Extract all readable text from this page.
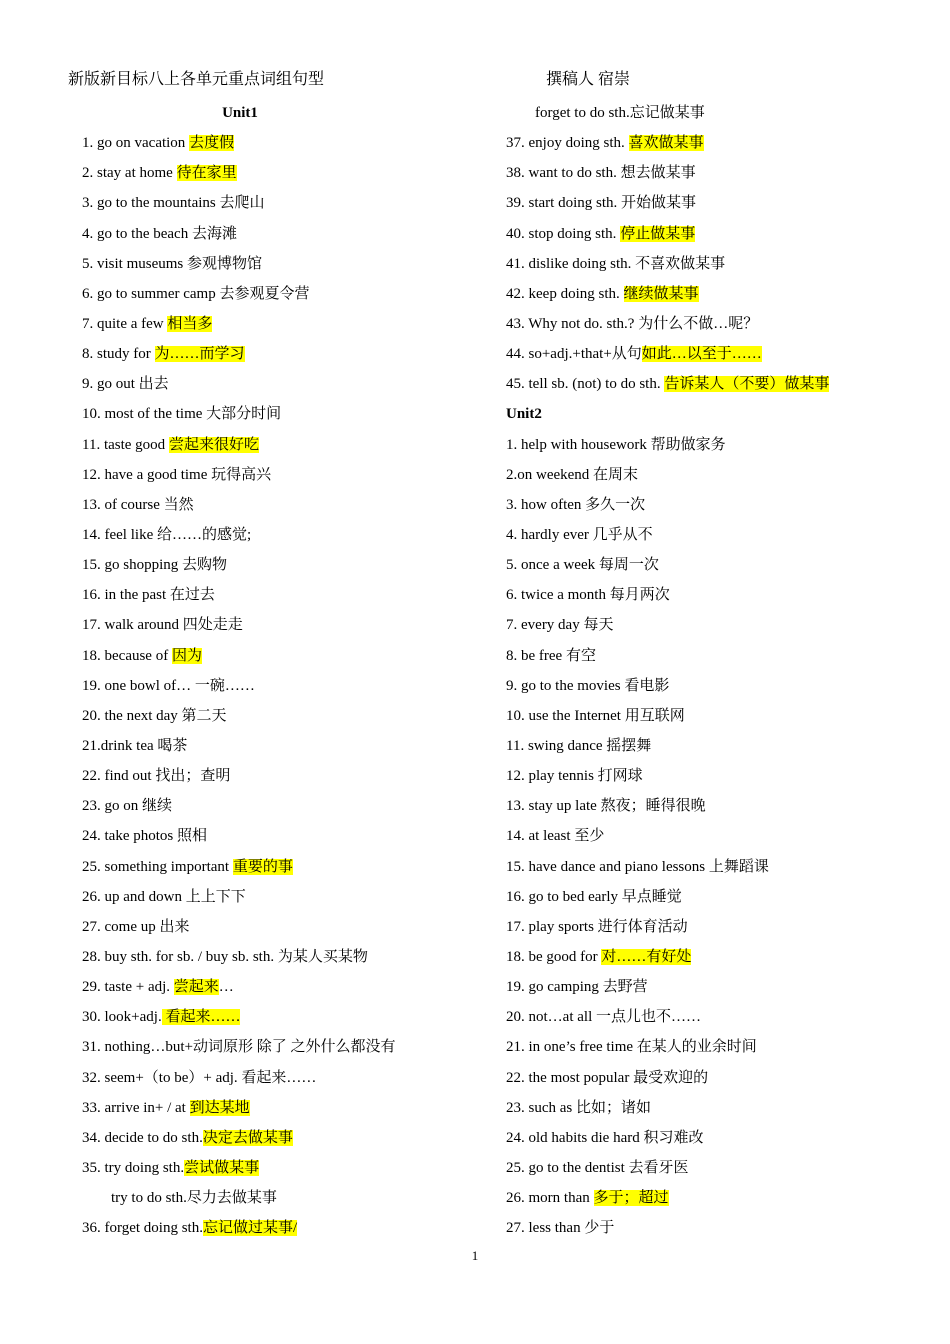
新版新目标八上各单元重点词组句型	撰稿人 宿崇
Unit1
1. go on vacation 去度假
2. stay at home 待在家里
3. go to the mountains 去爬山
4. go to the beach 去海滩
5. visit museums 参观博物馆
6. go to summer camp 去参观夏令营
7. quite a few 相当多
8. study for 为……而学习
9. go out 出去
10. most of the time 大部分时间
11. taste good 尝起来很好吃
12. have a good time 玩得高兴
13. of course 当然
14. feel like 给……的感觉;
15. go shopping 去购物
16. in the past 在过去
17. walk around 四处走走
18. because of 因为
19. one bowl of… 一碗……
20. the next day 第二天
21.drink tea 喝茶
22. find out 找出；查明
23. go on 继续
24. take photos 照相
25. something important 重要的事
26. up and down 上上下下
27. come up 出来
28. buy sth. for sb. / buy sb. sth. 为某人买某物
29. taste + adj. 尝起来…
30. look+adj. 看起来……
31. nothing…but+动词原形 除了 之外什么都没有
32. seem+（to be）+ adj. 看起来……
33. arrive in+ / at 到达某地
34. decide to do sth.决定去做某事
35. try doing sth.尝试做某事
try to do sth.尽力去做某事
36. forget doing sth.忘记做过某事/
forget to do sth.忘记做某事
37. enjoy doing sth. 喜欢做某事
38. want to do sth. 想去做某事
39. start doing sth. 开始做某事
40. stop doing sth. 停止做某事
41. dislike doing sth. 不喜欢做某事
42. keep doing sth. 继续做某事
43. Why not do. sth.? 为什么不做…呢？
44. so+adj.+that+从句如此…以至于……
45. tell sb. (not) to do sth. 告诉某人（不要）做某事
Unit2
1. help with housework 帮助做家务
2.on weekend 在周末
3. how often 多久一次
4. hardly ever 几乎从不
5. once a week 每周一次
6. twice a month 每月两次
7. every day 每天
8. be free 有空
9. go to the movies 看电影
10. use the Internet 用互联网
11. swing dance 摇摆舞
12. play tennis 打网球
13. stay up late 熬夜；睡得很晚
14. at least 至少
15. have dance and piano lessons 上舞蹈课
16. go to bed early 早点睡觉
17. play sports 进行体育活动
18. be good for 对……有好处
19. go camping 去野营
20. not…at all 一点儿也不……
21. in one’s free time 在某人的业余时间
22. the most popular 最受欢迎的
23. such as 比如；诸如
24. old habits die hard 积习难改
25. go to the dentist 去看牙医
26. morn than 多于；超过
27. less than 少于
1
